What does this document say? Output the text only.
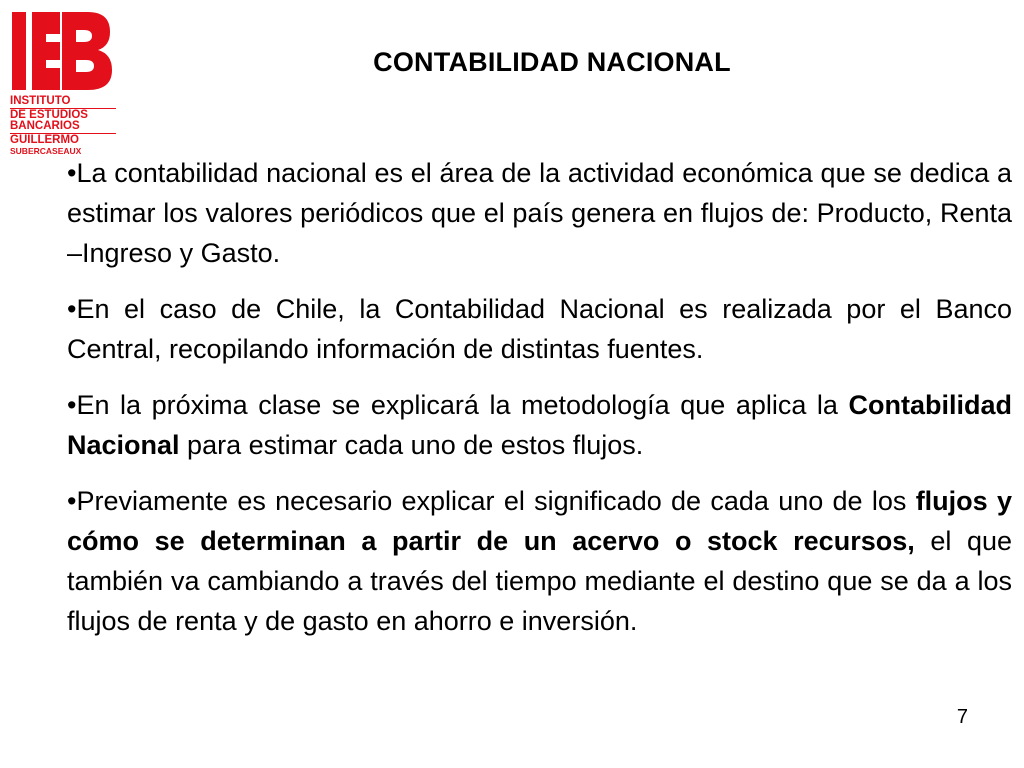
INSTITUTO
DE ESTUDIOS
BANCARIOS
GUILLERMO
SUBERCASEAUX
CONTABILIDAD NACIONAL

•La contabilidad nacional es el área de la actividad económica que se dedica a estimar los valores periódicos que el país genera en flujos de: Producto, Renta –Ingreso y Gasto.

•En el caso de Chile, la Contabilidad Nacional es realizada por el Banco Central, recopilando información de distintas fuentes.

•En la próxima clase se explicará la metodología que aplica la Contabilidad Nacional para estimar cada uno de estos flujos.

•Previamente es necesario explicar el significado de cada uno de los flujos y cómo se determinan a partir de un acervo o stock recursos, el que también va cambiando a través del tiempo mediante el destino que se da a los flujos de renta y de gasto en ahorro e inversión.

7
